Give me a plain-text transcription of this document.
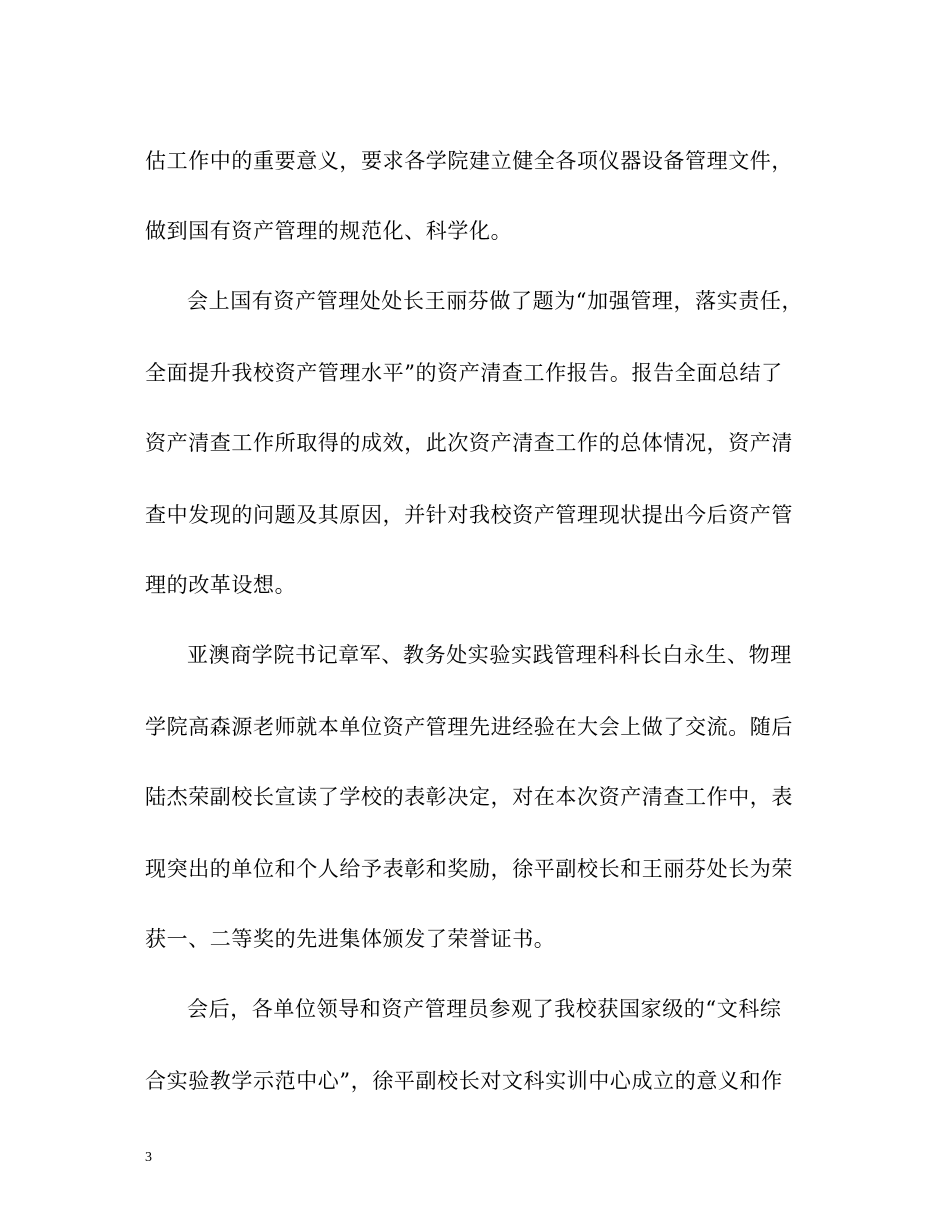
估工作中的重要意义，要求各学院建立健全各项仪器设备管理文件，
做到国有资产管理的规范化、科学化。
会上国有资产管理处处长王丽芬做了题为“加强管理，落实责任，
全面提升我校资产管理水平”的资产清查工作报告。报告全面总结了
资产清查工作所取得的成效，此次资产清查工作的总体情况，资产清
查中发现的问题及其原因，并针对我校资产管理现状提出今后资产管
理的改革设想。
亚澳商学院书记章军、教务处实验实践管理科科长白永生、物理
学院高森源老师就本单位资产管理先进经验在大会上做了交流。随后
陆杰荣副校长宣读了学校的表彰决定，对在本次资产清查工作中，表
现突出的单位和个人给予表彰和奖励，徐平副校长和王丽芬处长为荣
获一、二等奖的先进集体颁发了荣誉证书。
会后，各单位领导和资产管理员参观了我校获国家级的“文科综
合实验教学示范中心”，徐平副校长对文科实训中心成立的意义和作
3
